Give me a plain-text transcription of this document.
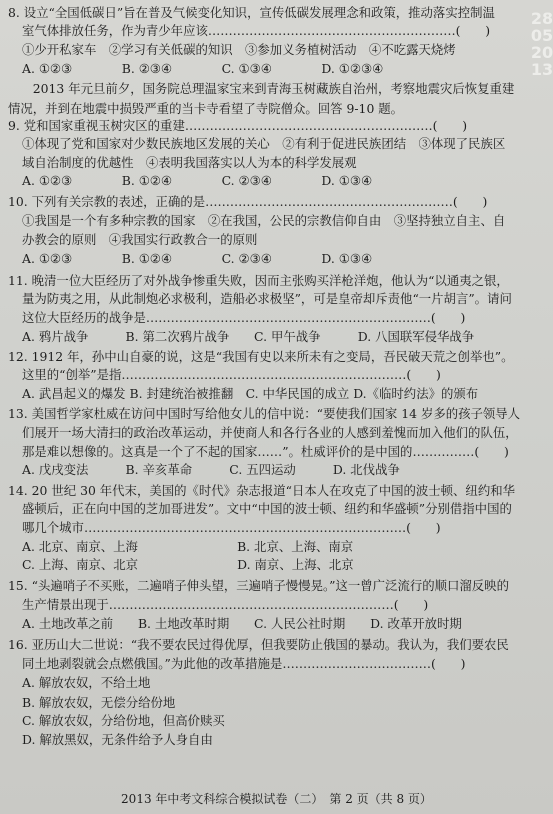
8. 设立“全国低碳日”旨在普及气候变化知识，宣传低碳发展理念和政策，推动落实控制温
室气体排放任务，作为青少年应该……………………………………………………(　　)
①少开私家车　②学习有关低碳的知识　③参加义务植树活动　④不吃露天烧烤
A. ①②③　　　　B. ②③④　　　　C. ①③④　　　　D. ①②③④
　　2013 年元旦前夕，国务院总理温家宝来到青海玉树藏族自治州，考察地震灾后恢复重建
情况，并到在地震中损毁严重的当卡寺看望了寺院僧众。回答 9-10 题。
9. 党和国家重视玉树灾区的重建……………………………………………………(　　)
①体现了党和国家对少数民族地区发展的关心　②有利于促进民族团结　③体现了民族区
域自治制度的优越性　④表明我国落实以人为本的科学发展观
A. ①②③　　　　B. ①②④　　　　C. ②③④　　　　D. ①③④
10. 下列有关宗教的表述，正确的是……………………………………………………(　　)
①我国是一个有多种宗教的国家　②在我国，公民的宗教信仰自由　③坚持独立自主、自
办教会的原则　④我国实行政教合一的原则
A. ①②③　　　　B. ①②④　　　　C. ②③④　　　　D. ①③④
11. 晚清一位大臣经历了对外战争惨重失败，因而主张购买洋枪洋炮，他认为“以通夷之银，
量为防夷之用，从此制炮必求极利，造船必求极坚”，可是皇帝却斥责他“一片胡言”。请问
这位大臣经历的战争是……………………………………………………………(　　)
A. 鸦片战争　　　B. 第二次鸦片战争　　C. 甲午战争　　　D. 八国联军侵华战争
12. 1912 年，孙中山自豪的说，这是“我国有史以来所未有之变局，吾民破天荒之创举也”。
这里的“创举”是指……………………………………………………………(　　)
A. 武昌起义的爆发 B. 封建统治被推翻　C. 中华民国的成立 D.《临时约法》的颁布
13. 美国哲学家杜威在访问中国时写给他女儿的信中说：“要使我们国家 14 岁多的孩子领导人
们展开一场大清扫的政治改革运动，并使商人和各行各业的人感到羞愧而加入他们的队伍，
那是难以想像的。这真是一个了不起的国家……”。杜威评价的是中国的……………(　　)
A. 戊戌变法　　　B. 辛亥革命　　　C. 五四运动　　　D. 北伐战争
14. 20 世纪 30 年代末，美国的《时代》杂志报道“日本人在攻克了中国的波士顿、纽约和华
盛顿后，正在向中国的芝加哥进发”。文中“中国的波士顿、纽约和华盛顿”分别借指中国的
哪几个城市……………………………………………………………………(　　)
A. 北京、南京、上海　　　　　　　　B. 北京、上海、南京
C. 上海、南京、北京　　　　　　　　D. 南京、上海、北京
15. “头遍哨子不买账，二遍哨子伸头望，三遍哨子慢慢晃。”这一曾广泛流行的顺口溜反映的
生产情景出现于……………………………………………………………(　　)
A. 土地改革之前　　B. 土地改革时期　　C. 人民公社时期　　D. 改革开放时期
16. 亚历山大二世说：“我不要农民过得优厚，但我要防止俄国的暴动。我认为，我们要农民
同土地剥裂就会点燃俄国。”为此他的改革措施是………………………………(　　)
A. 解放农奴，不给土地
B. 解放农奴，无偿分给份地
C. 解放农奴，分给份地，但高价赎买
D. 解放黑奴，无条件给予人身自由
28 05 2013
2013 年中考文科综合模拟试卷（二）　第 2 页（共 8 页）
